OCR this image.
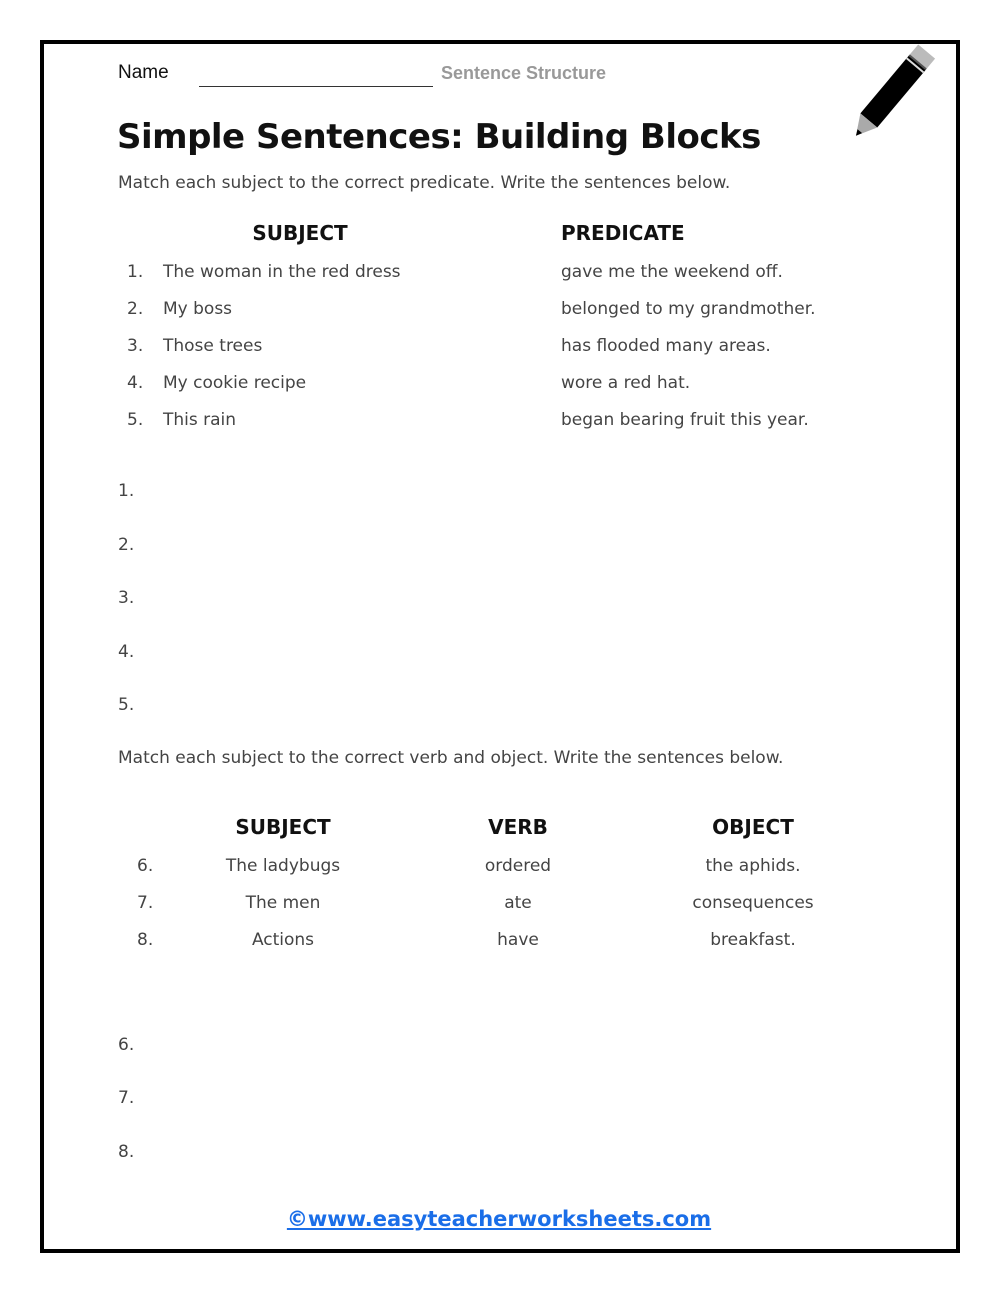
Name	Sentence Structure
Simple Sentences: Building Blocks

Match each subject to the correct predicate. Write the sentences below.

SUBJECT	PREDICATE
1. The woman in the red dress	gave me the weekend off.
2. My boss	belonged to my grandmother.
3. Those trees	has flooded many areas.
4. My cookie recipe	wore a red hat.
5. This rain	began bearing fruit this year.
1.
2.
3.
4.
5.

Match each subject to the correct verb and object. Write the sentences below.

SUBJECT	VERB	OBJECT
6.	The ladybugs	ordered	the aphids.
7.	The men	ate	consequences
8.	Actions	have	breakfast.
6.
7.
8.
©www.easyteacherworksheets.com
